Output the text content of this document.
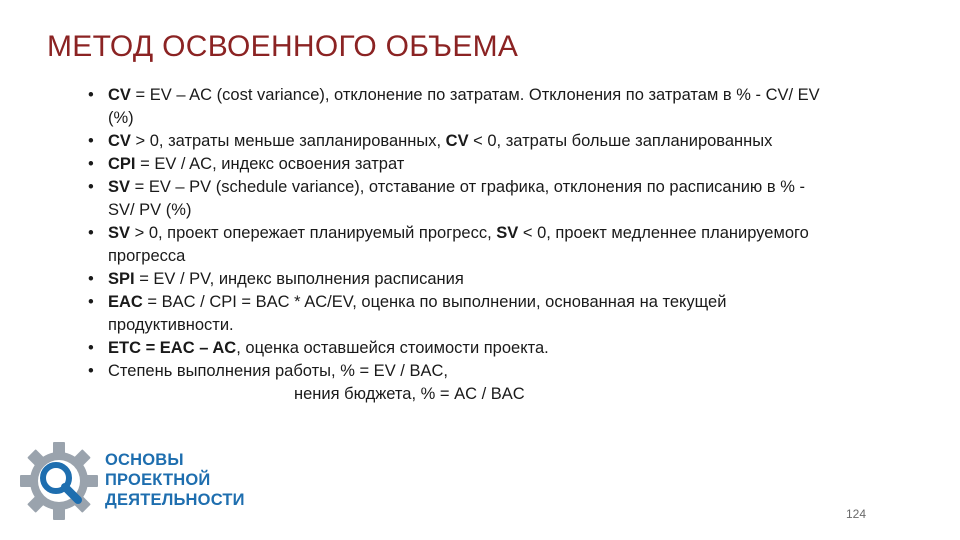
МЕТОД ОСВОЕННОГО ОБЪЕМА
• CV = EV – AC (cost variance), отклонение по затратам. Отклонения по затратам в % - CV/ EV (%)
• CV > 0, затраты меньше запланированных, CV < 0, затраты больше запланированных
• CPI = EV / AC, индекс освоения затрат
• SV = EV – PV (schedule variance), отставание от графика, отклонения по расписанию в % - SV/ PV (%)
• SV > 0, проект опережает планируемый прогресс, SV < 0, проект медленнее планируемого прогресса
• SPI = EV / PV, индекс выполнения расписания
• EAC = BAC / CPI = BAC * AC/EV, оценка по выполнении, основанная на текущей продуктивности.
• ETC = EAC – AC, оценка оставшейся стоимости проекта.
• Степень выполнения работы, % = EV / BAC,
нения бюджета, % = AC / BAC
ОСНОВЫ
ПРОЕКТНОЙ
ДЕЯТЕЛЬНОСТИ
124
